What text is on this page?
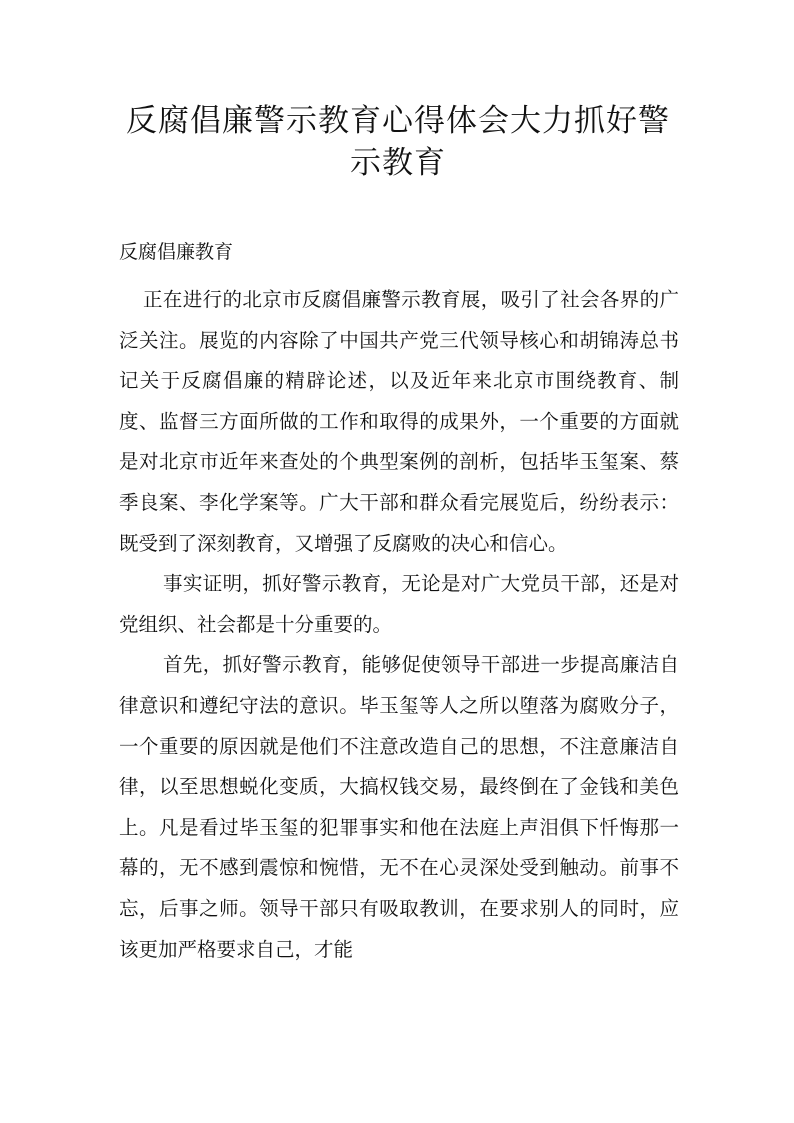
反腐倡廉警示教育心得体会大力抓好警示教育

反腐倡廉教育

正在进行的北京市反腐倡廉警示教育展，吸引了社会各界的广泛关注。展览的内容除了中国共产党三代领导核心和胡锦涛总书记关于反腐倡廉的精辟论述，以及近年来北京市围绕教育、制度、监督三方面所做的工作和取得的成果外，一个重要的方面就是对北京市近年来查处的个典型案例的剖析，包括毕玉玺案、蔡季良案、李化学案等。广大干部和群众看完展览后，纷纷表示：既受到了深刻教育，又增强了反腐败的决心和信心。

事实证明，抓好警示教育，无论是对广大党员干部，还是对党组织、社会都是十分重要的。

首先，抓好警示教育，能够促使领导干部进一步提高廉洁自律意识和遵纪守法的意识。毕玉玺等人之所以堕落为腐败分子，一个重要的原因就是他们不注意改造自己的思想，不注意廉洁自律，以至思想蜕化变质，大搞权钱交易，最终倒在了金钱和美色上。凡是看过毕玉玺的犯罪事实和他在法庭上声泪俱下忏悔那一幕的，无不感到震惊和惋惜，无不在心灵深处受到触动。前事不忘，后事之师。领导干部只有吸取教训，在要求别人的同时，应该更加严格要求自己，才能
